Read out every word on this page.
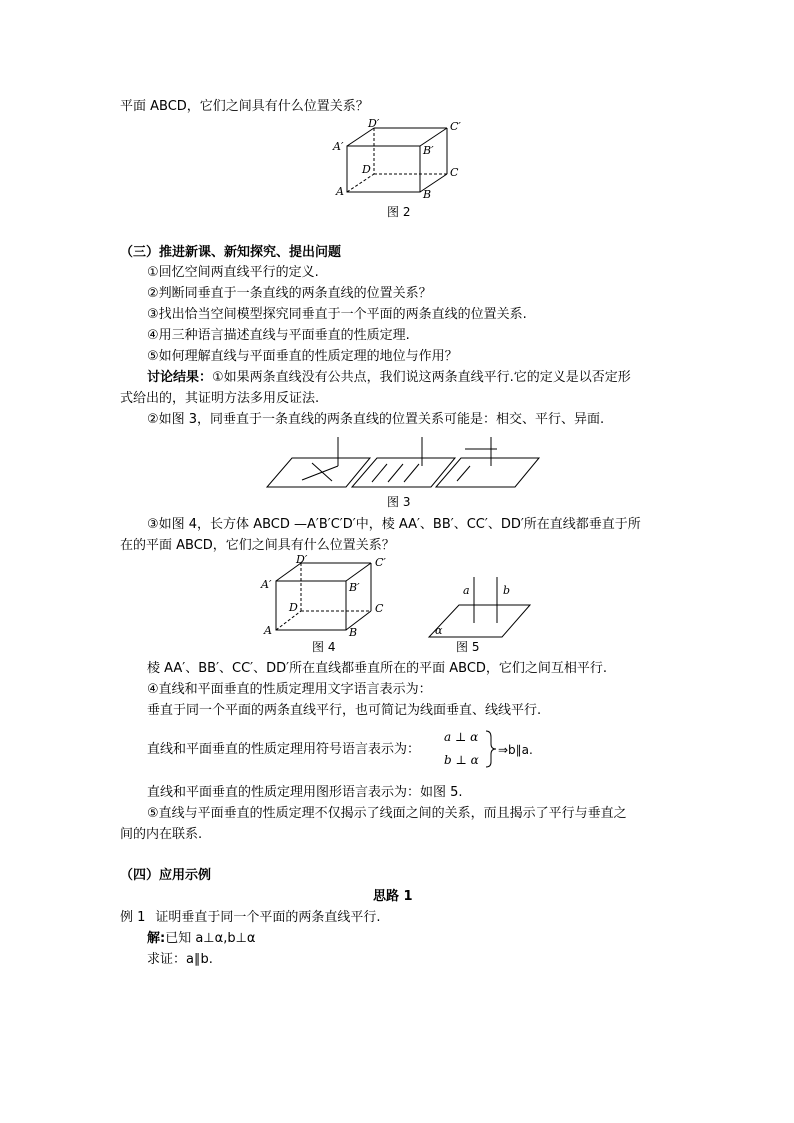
平面 ABCD，它们之间具有什么位置关系？
D′	C′
A′	B′
D	C
A	B
图 2
（三）推进新课、新知探究、提出问题
①回忆空间两直线平行的定义.
②判断同垂直于一条直线的两条直线的位置关系？
③找出恰当空间模型探究同垂直于一个平面的两条直线的位置关系.
④用三种语言描述直线与平面垂直的性质定理.
⑤如何理解直线与平面垂直的性质定理的地位与作用？
讨论结果：①如果两条直线没有公共点，我们说这两条直线平行.它的定义是以否定形
式给出的，其证明方法多用反证法.
②如图 3，同垂直于一条直线的两条直线的位置关系可能是：相交、平行、异面.
图 3
③如图 4，长方体 ABCD —A′B′C′D′中，棱 AA′、BB′、CC′、DD′所在直线都垂直于所
在的平面 ABCD，它们之间具有什么位置关系？
D′	C′
A′	B′
D	C
A	B
a	b
α
图 4	图 5
棱 AA′、BB′、CC′、DD′所在直线都垂直所在的平面 ABCD，它们之间互相平行.
④直线和平面垂直的性质定理用文字语言表示为：
垂直于同一个平面的两条直线平行，也可简记为线面垂直、线线平行.
直线和平面垂直的性质定理用符号语言表示为：
a ⊥ α
b ⊥ α
⇒b∥a.
直线和平面垂直的性质定理用图形语言表示为：如图 5.
⑤直线与平面垂直的性质定理不仅揭示了线面之间的关系，而且揭示了平行与垂直之
间的内在联系.
（四）应用示例
思路 1
例 1 证明垂直于同一个平面的两条直线平行.
解:已知 a⊥α,b⊥α
求证：a∥b.
